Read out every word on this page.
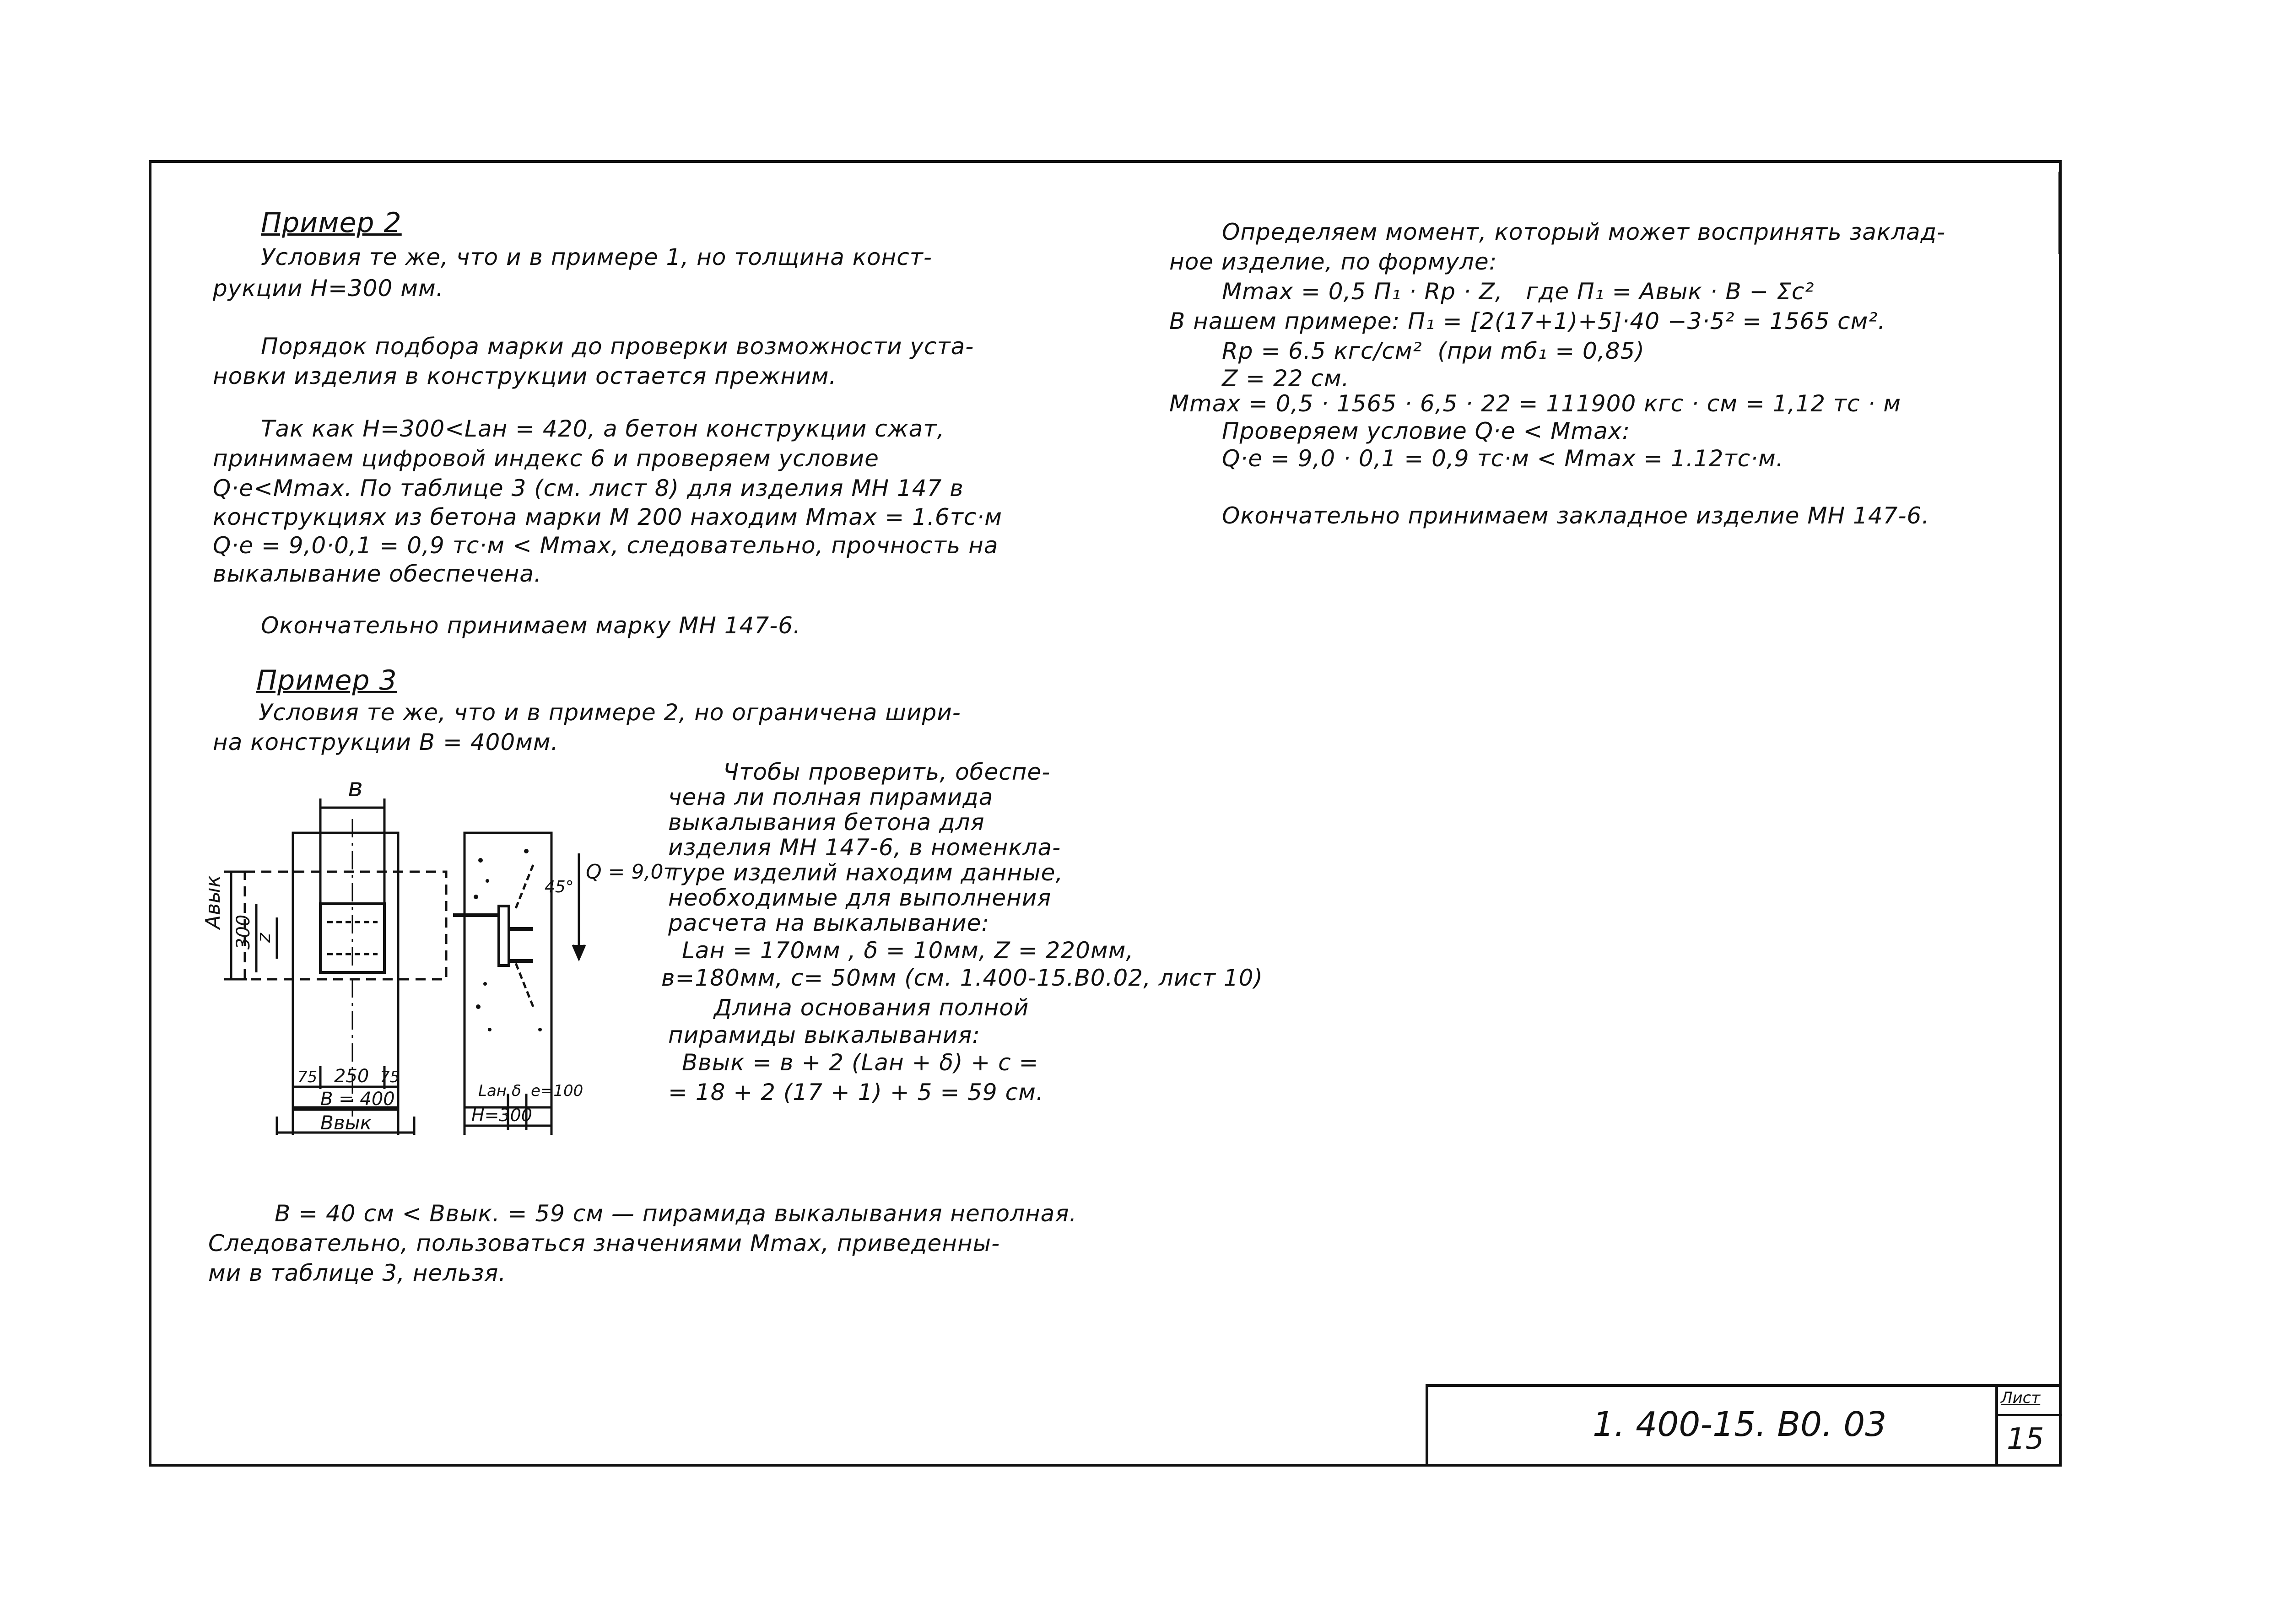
Пример 2
Условия те же, что и в примере 1, но толщина конст-
рукции H=300 мм.
Порядок подбора марки до проверки возможности уста-
новки изделия в конструкции остается прежним.
Так как H=300<Lан = 420, а бетон конструкции сжат,
принимаем цифровой индекс 6 и проверяем условие
Q·e<Mmax. По таблице 3 (см. лист 8) для изделия МН 147 в
конструкциях из бетона марки М 200 находим Mmax = 1.6тс·м
Q·e = 9,0·0,1 = 0,9 тс·м < Mmax, следовательно, прочность на
выкалывание обеспечена.
Окончательно принимаем марку МН 147-6.
Пример 3
Условия те же, что и в примере 2, но ограничена шири-
на конструкции B = 400мм.
Чтобы проверить, обеспе-
чена ли полная пирамида
выкалывания бетона для
изделия МН 147-6, в номенкла-
туре изделий находим данные,
необходимые для выполнения
расчета на выкалывание:
Lан = 170мм , δ = 10мм, Z = 220мм,
в=180мм, с= 50мм (см. 1.400-15.В0.02, лист 10)
Длина основания полной
пирамиды выкалывания:
Bвык = в + 2 (Lан + δ) + с =
= 18 + 2 (17 + 1) + 5 = 59 см.
B = 40 см < Bвык. = 59 см — пирамида выкалывания неполная.
Следовательно, пользоваться значениями Mmax, приведенны-
ми в таблице 3, нельзя.
Определяем момент, который может воспринять заклад-
ное изделие, по формуле:
Mmax = 0,5 П₁ · Rр · Z,   где П₁ = Aвык · B − Σc²
В нашем примере: П₁ = [2(17+1)+5]·40 −3·5² = 1565 см².
Rр = 6.5 кгс/см²  (при mб₁ = 0,85)
Z = 22 см.
Mmax = 0,5 · 1565 · 6,5 · 22 = 111900 кгс · см = 1,12 тс · м
Проверяем условие Q·e < Mmax:
Q·e = 9,0 · 0,1 = 0,9 тс·м < Mmax = 1.12тс·м.
Окончательно принимаем закладное изделие МН 147-6.
в
Aвык
300 z
75 250 75
B = 400
Bвык
45°
Q = 9,0т
Lан δ e=100
H=300
1. 400-15. В0. 03
Лист
15
